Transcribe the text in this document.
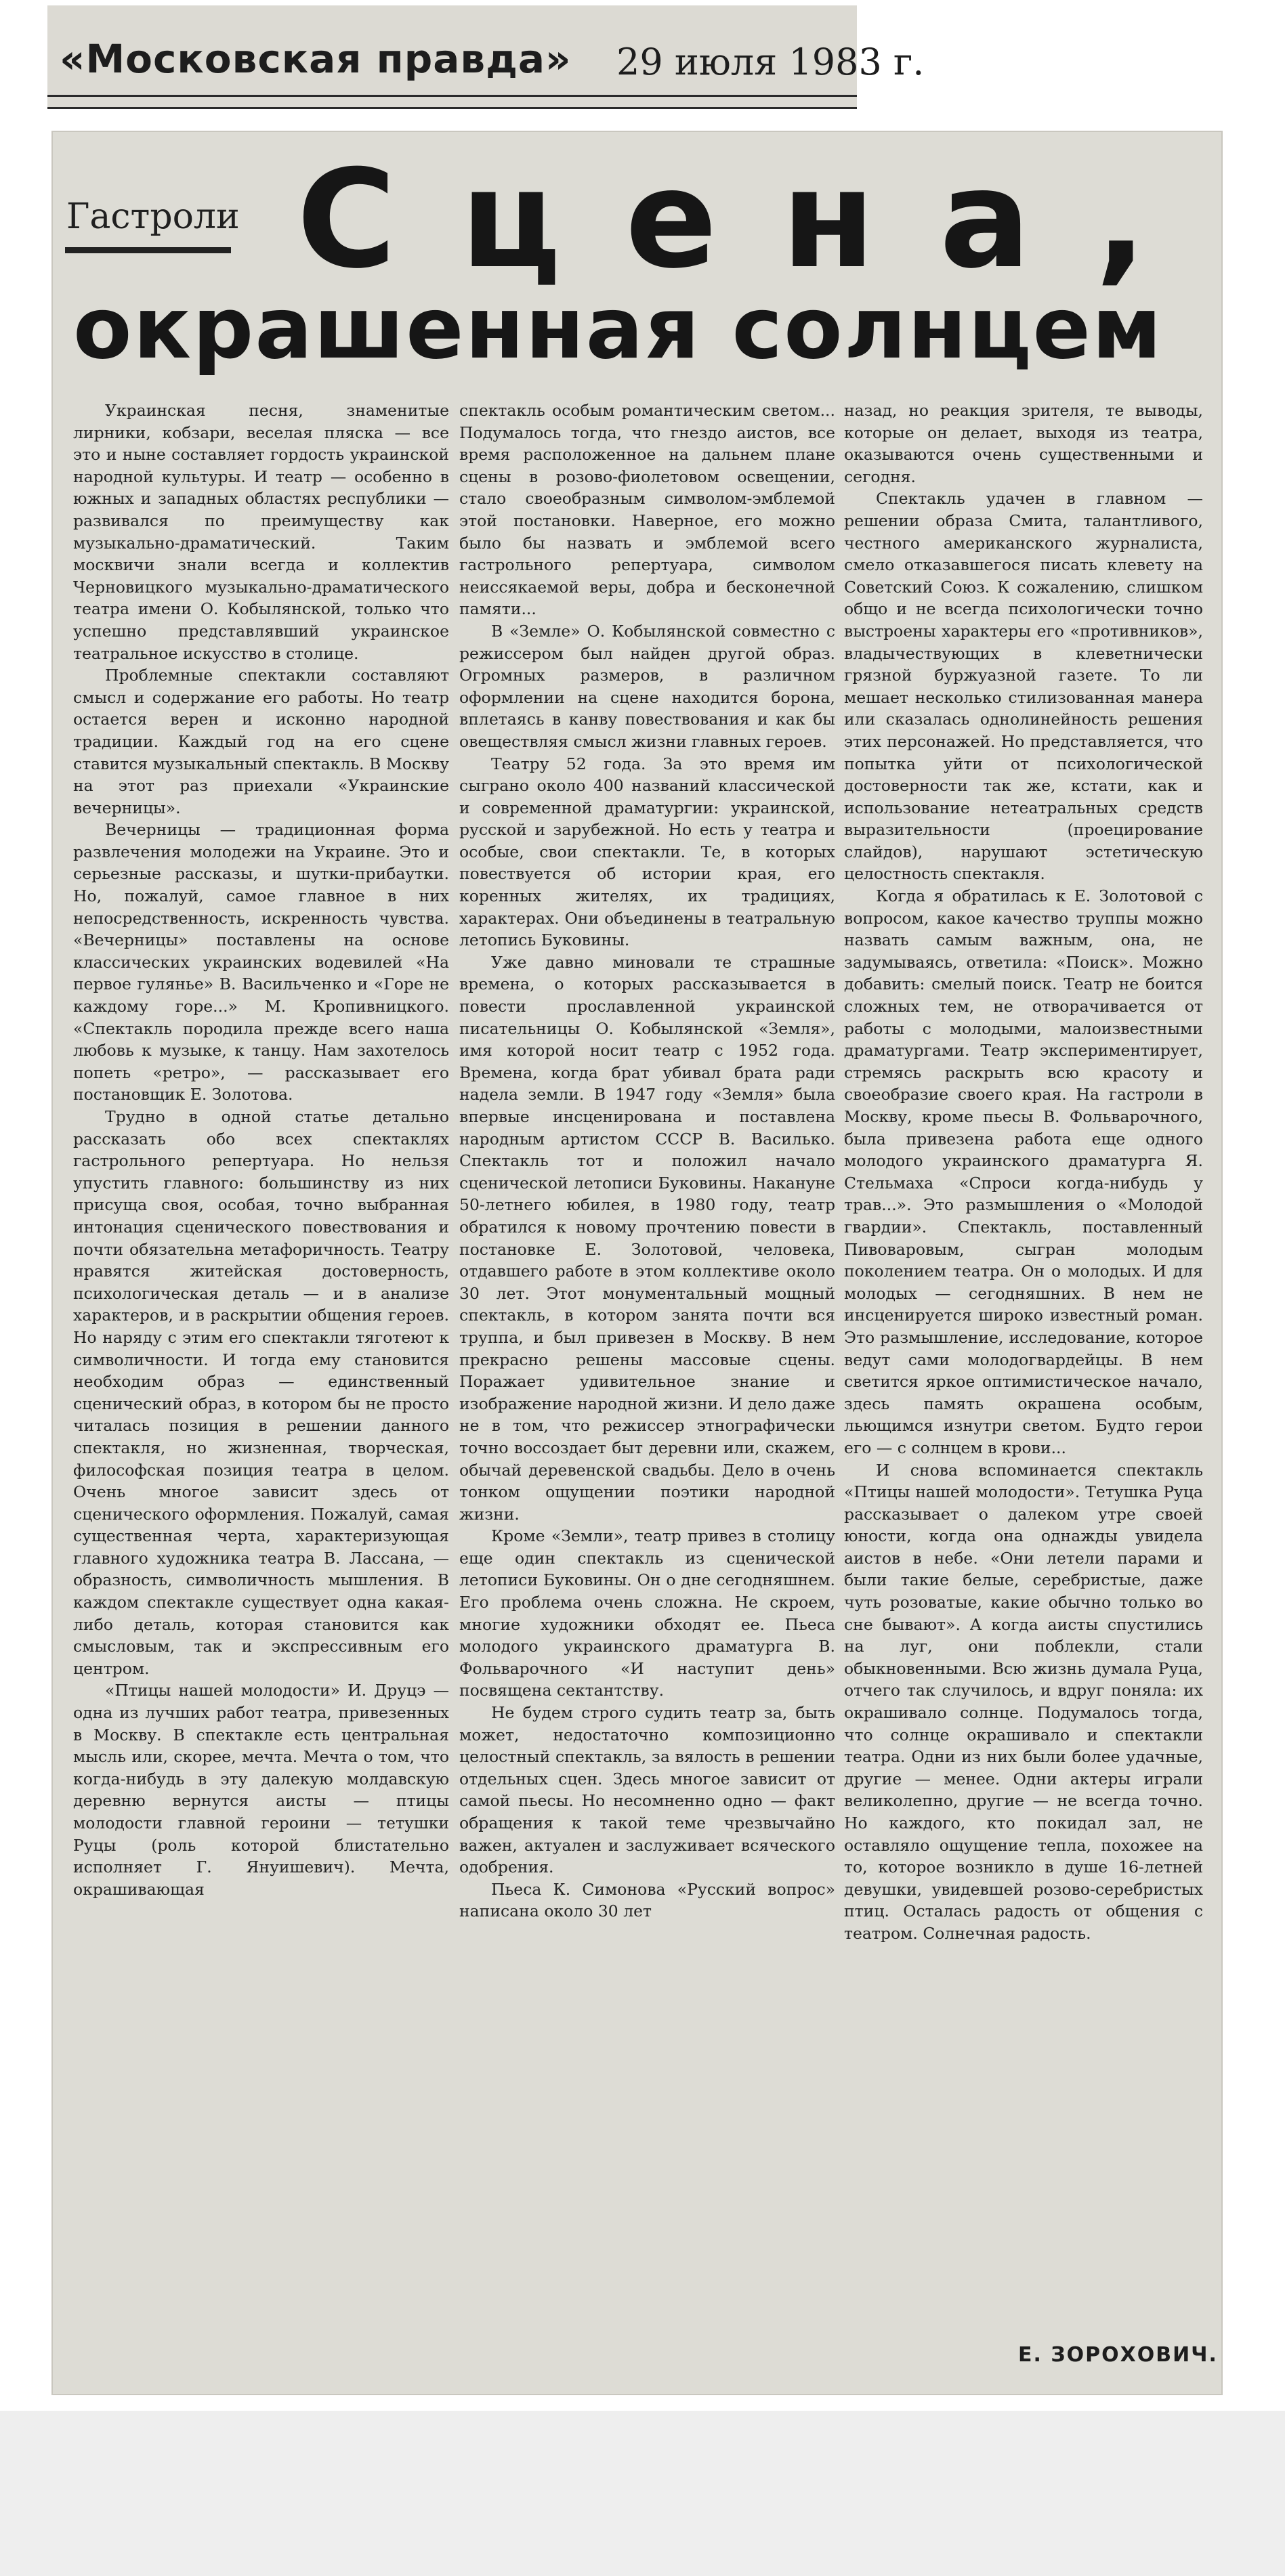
«Московская правда» 29 июля 1983 г.
Гастроли Сцена,
окрашенная солнцем

Украинская песня, знаменитые лирники, кобзари, веселая пляска — все это и ныне составляет гордость украинской народной культуры. И театр — особенно в южных и западных областях республики — развивался по преимуществу как музыкально-драматический. Таким москвичи знали всегда и коллектив Черновицкого музыкально-драматического театра имени О. Кобылянской, только что успешно представлявший украинское театральное искусство в столице.

Проблемные спектакли составляют смысл и содержание его работы. Но театр остается верен и исконно народной традиции. Каждый год на его сцене ставится музыкальный спектакль. В Москву на этот раз приехали «Украинские вечерницы».

Вечерницы — традиционная форма развлечения молодежи на Украине. Это и серьезные рассказы, и шутки-прибаутки. Но, пожалуй, самое главное в них непосредственность, искренность чувства. «Вечерницы» поставлены на основе классических украинских водевилей «На первое гулянье» В. Васильченко и «Горе не каждому горе...» М. Кропивницкого. «Спектакль породила прежде всего наша любовь к музыке, к танцу. Нам захотелось попеть «ретро», — рассказывает его постановщик Е. Золотова.

Трудно в одной статье детально рассказать обо всех спектаклях гастрольного репертуара. Но нельзя упустить главного: большинству из них присуща своя, особая, точно выбранная интонация сценического повествования и почти обязательна метафоричность. Театру нравятся житейская достоверность, психологическая деталь — и в анализе характеров, и в раскрытии общения героев. Но наряду с этим его спектакли тяготеют к символичности. И тогда ему становится необходим образ — единственный сценический образ, в котором бы не просто читалась позиция в решении данного спектакля, но жизненная, творческая, философская позиция театра в целом. Очень многое зависит здесь от сценического оформления. Пожалуй, самая существенная черта, характеризующая главного художника театра В. Лассана, — образность, символичность мышления. В каждом спектакле существует одна какая-либо деталь, которая становится как смысловым, так и экспрессивным его центром.

«Птицы нашей молодости» И. Друцэ — одна из лучших работ театра, привезенных в Москву. В спектакле есть центральная мысль или, скорее, мечта. Мечта о том, что когда-нибудь в эту далекую молдавскую деревню вернутся аисты — птицы молодости главной героини — тетушки Руцы (роль которой блистательно исполняет Г. Януишевич). Мечта, окрашивающая

спектакль особым романтическим светом... Подумалось тогда, что гнездо аистов, все время расположенное на дальнем плане сцены в розово-фиолетовом освещении, стало своеобразным символом-эмблемой этой постановки. Наверное, его можно было бы назвать и эмблемой всего гастрольного репертуара, символом неиссякаемой веры, добра и бесконечной памяти...

В «Земле» О. Кобылянской совместно с режиссером был найден другой образ. Огромных размеров, в различном оформлении на сцене находится борона, вплетаясь в канву повествования и как бы овеществляя смысл жизни главных героев.

Театру 52 года. За это время им сыграно около 400 названий классической и современной драматургии: украинской, русской и зарубежной. Но есть у театра и особые, свои спектакли. Те, в которых повествуется об истории края, его коренных жителях, их традициях, характерах. Они объединены в театральную летопись Буковины.

Уже давно миновали те страшные времена, о которых рассказывается в повести прославленной украинской писательницы О. Кобылянской «Земля», имя которой носит театр с 1952 года. Времена, когда брат убивал брата ради надела земли. В 1947 году «Земля» была впервые инсценирована и поставлена народным артистом СССР В. Василько. Спектакль тот и положил начало сценической летописи Буковины. Накануне 50-летнего юбилея, в 1980 году, театр обратился к новому прочтению повести в постановке Е. Золотовой, человека, отдавшего работе в этом коллективе около 30 лет. Этот монументальный мощный спектакль, в котором занята почти вся труппа, и был привезен в Москву. В нем прекрасно решены массовые сцены. Поражает удивительное знание и изображение народной жизни. И дело даже не в том, что режиссер этнографически точно воссоздает быт деревни или, скажем, обычай деревенской свадьбы. Дело в очень тонком ощущении поэтики народной жизни.

Кроме «Земли», театр привез в столицу еще один спектакль из сценической летописи Буковины. Он о дне сегодняшнем. Его проблема очень сложна. Не скроем, многие художники обходят ее. Пьеса молодого украинского драматурга В. Фольварочного «И наступит день» посвящена сектантству.

Не будем строго судить театр за, быть может, недостаточно композиционно целостный спектакль, за вялость в решении отдельных сцен. Здесь многое зависит от самой пьесы. Но несомненно одно — факт обращения к такой теме чрезвычайно важен, актуален и заслуживает всяческого одобрения.

Пьеса К. Симонова «Русский вопрос» написана около 30 лет

назад, но реакция зрителя, те выводы, которые он делает, выходя из театра, оказываются очень существенными и сегодня.

Спектакль удачен в главном — решении образа Смита, талантливого, честного американского журналиста, смело отказавшегося писать клевету на Советский Союз. К сожалению, слишком общо и не всегда психологически точно выстроены характеры его «противников», владычествующих в клеветнически грязной буржуазной газете. То ли мешает несколько стилизованная манера или сказалась однолинейность решения этих персонажей. Но представляется, что попытка уйти от психологической достоверности так же, кстати, как и использование нетеатральных средств выразительности (проецирование слайдов), нарушают эстетическую целостность спектакля.

Когда я обратилась к Е. Золотовой с вопросом, какое качество труппы можно назвать самым важным, она, не задумываясь, ответила: «Поиск». Можно добавить: смелый поиск. Театр не боится сложных тем, не отворачивается от работы с молодыми, малоизвестными драматургами. Театр экспериментирует, стремясь раскрыть всю красоту и своеобразие своего края. На гастроли в Москву, кроме пьесы В. Фольварочного, была привезена работа еще одного молодого украинского драматурга Я. Стельмаха «Спроси когда-нибудь у трав...». Это размышления о «Молодой гвардии». Спектакль, поставленный Пивоваровым, сыгран молодым поколением театра. Он о молодых. И для молодых — сегодняшних. В нем не инсценируется широко известный роман. Это размышление, исследование, которое ведут сами молодогвардейцы. В нем светится яркое оптимистическое начало, здесь память окрашена особым, льющимся изнутри светом. Будто герои его — с солнцем в крови...

И снова вспоминается спектакль «Птицы нашей молодости». Тетушка Руца рассказывает о далеком утре своей юности, когда она однажды увидела аистов в небе. «Они летели парами и были такие белые, серебристые, даже чуть розоватые, какие обычно только во сне бывают». А когда аисты спустились на луг, они поблекли, стали обыкновенными. Всю жизнь думала Руца, отчего так случилось, и вдруг поняла: их окрашивало солнце. Подумалось тогда, что солнце окрашивало и спектакли театра. Одни из них были более удачные, другие — менее. Одни актеры играли великолепно, другие — не всегда точно. Но каждого, кто покидал зал, не оставляло ощущение тепла, похожее на то, которое возникло в душе 16-летней девушки, увидевшей розово-серебристых птиц. Осталась радость от общения с театром. Солнечная радость.

Е. ЗОРОХОВИЧ.
